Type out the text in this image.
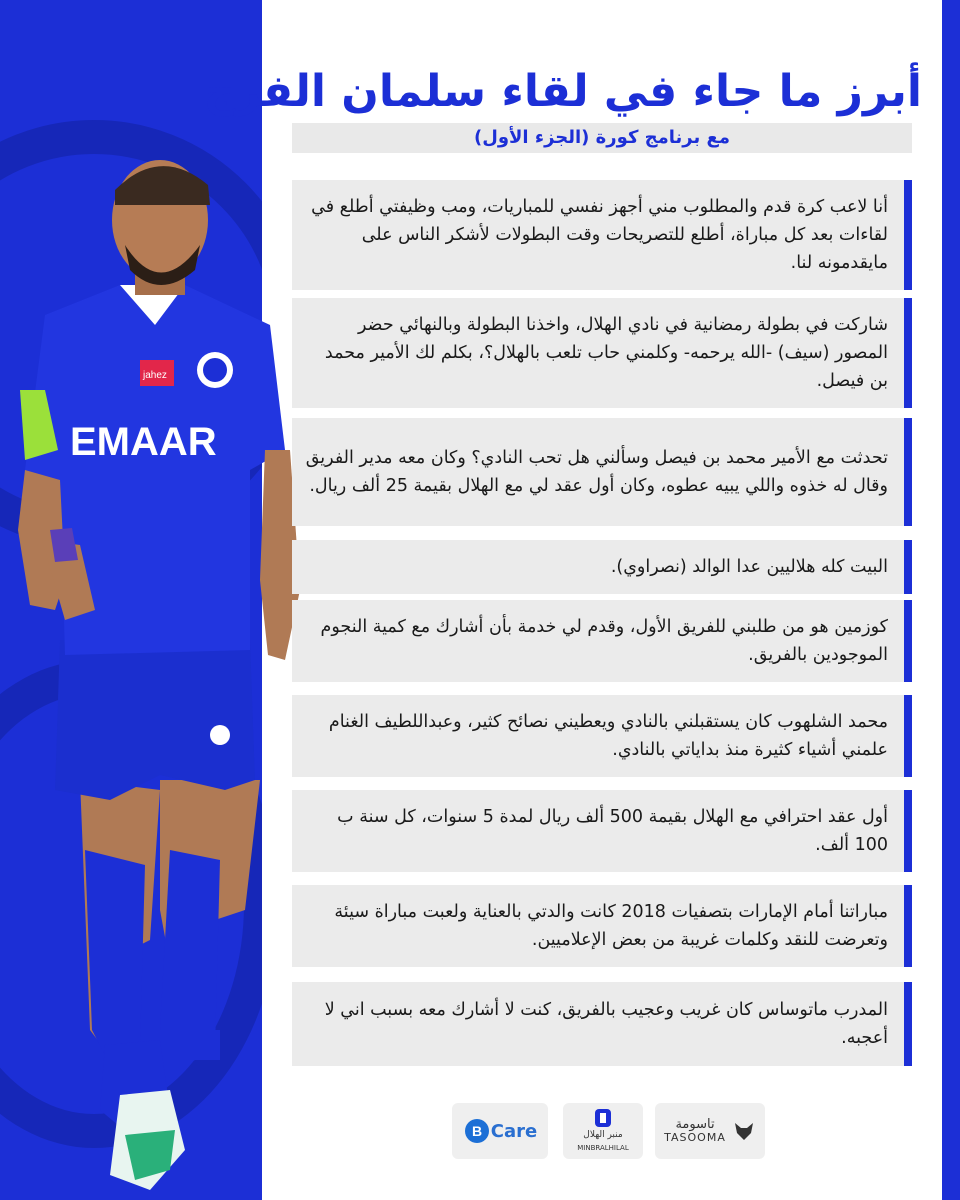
EMAAR
jahez
أبرز ما جاء في لقاء سلمان الفرج
مع برنامج كورة (الجزء الأول)
أنا لاعب كرة قدم والمطلوب مني أجهز نفسي للمباريات، ومب وظيفتي أطلع في لقاءات بعد كل مباراة، أطلع للتصريحات وقت البطولات لأشكر الناس على مايقدمونه لنا.
شاركت في بطولة رمضانية في نادي الهلال، واخذنا البطولة وبالنهائي حضر المصور (سيف) -الله يرحمه- وكلمني حاب تلعب بالهلال؟، بكلم لك الأمير محمد بن فيصل.
تحدثت مع الأمير محمد بن فيصل وسألني هل تحب النادي؟ وكان معه مدير الفريق وقال له خذوه واللي يبيه عطوه، وكان أول عقد لي مع الهلال بقيمة 25 ألف ريال.
البيت كله هلاليين عدا الوالد (نصراوي).
كوزمين هو من طلبني للفريق الأول، وقدم لي خدمة بأن أشارك مع كمية النجوم الموجودين بالفريق.
محمد الشلهوب كان يستقبلني بالنادي ويعطيني نصائح كثير، وعبداللطيف الغنام علمني أشياء كثيرة منذ بداياتي بالنادي.
أول عقد احترافي مع الهلال بقيمة 500 ألف ريال لمدة 5 سنوات، كل سنة ب 100 ألف.
مباراتنا أمام الإمارات بتصفيات 2018 كانت والدتي بالعناية ولعبت مباراة سيئة وتعرضت للنقد وكلمات غريبة من بعض الإعلاميين.
المدرب ماتوساس كان غريب وعجيب بالفريق، كنت لا أشارك معه بسبب اني لا أعجبه.
B Care	منبر الهلال
MINBRALHILAL
تاسومة
TASOOMA
